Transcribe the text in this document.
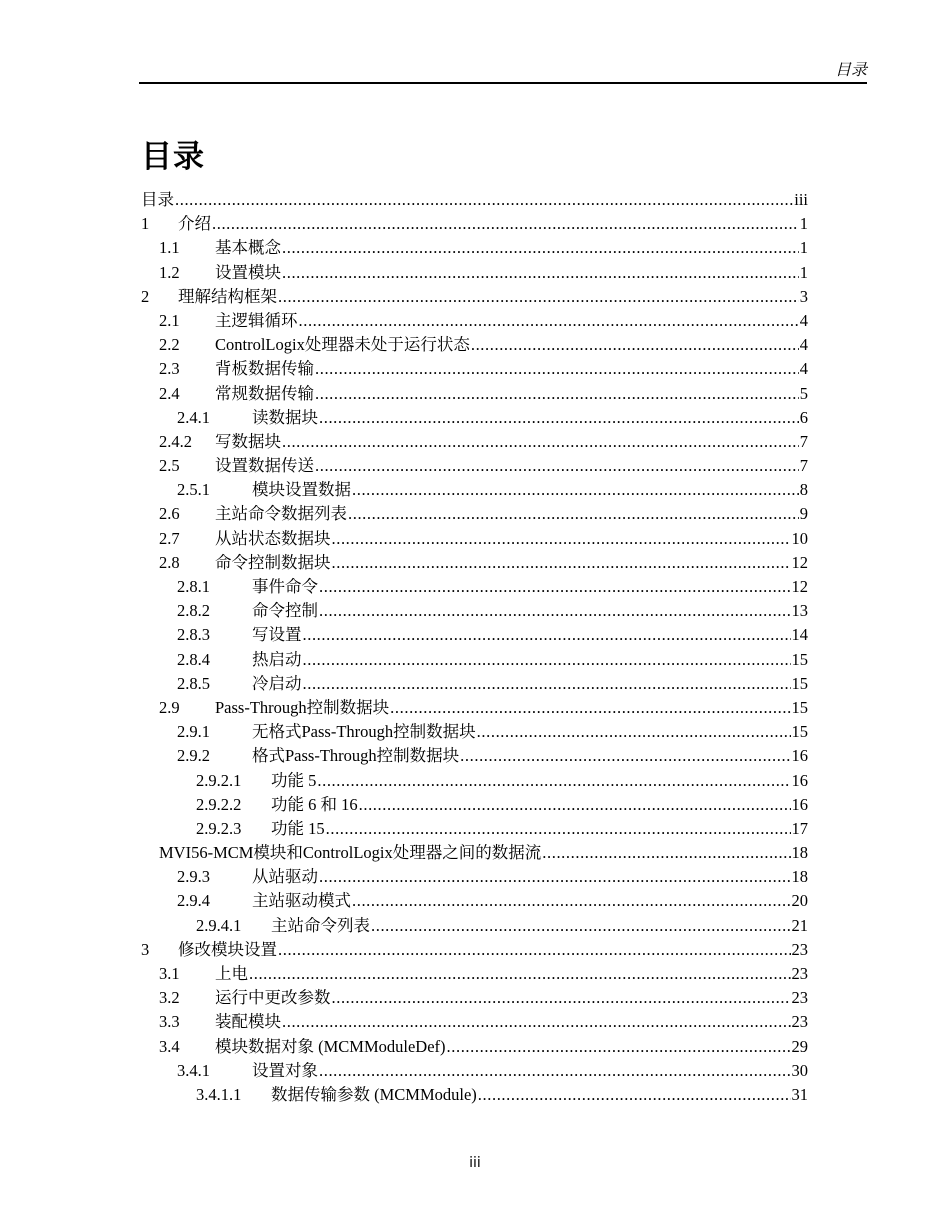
目录
目录
目录 .....	iii
1	介绍 .....	1
1.1	基本概念 .....	1
1.2	设置模块 .....	1
2	理解结构框架 .....	3
2.1	主逻辑循环 .....	4
2.2	ControlLogix处理器未处于运行状态 .....	4
2.3	背板数据传输 .....	4
2.4	常规数据传输 .....	5
2.4.1	读数据块 .....	6
2.4.2	写数据块 .....	7
2.5	设置数据传送 .....	7
2.5.1	模块设置数据 .....	8
2.6	主站命令数据列表 .....	9
2.7	从站状态数据块 .....	10
2.8	命令控制数据块 .....	12
2.8.1	事件命令 .....	12
2.8.2	命令控制 .....	13
2.8.3	写设置 .....	14
2.8.4	热启动 .....	15
2.8.5	冷启动 .....	15
2.9	Pass-Through控制数据块 .....	15
2.9.1	无格式Pass-Through控制数据块 .....	15
2.9.2	格式Pass-Through控制数据块 .....	16
2.9.2.1	功能 5 .....	16
2.9.2.2	功能 6 和 16 .....	16
2.9.2.3	功能 15 .....	17
MVI56-MCM模块和ControlLogix处理器之间的数据流 .....	18
2.9.3	从站驱动 .....	18
2.9.4	主站驱动模式 .....	20
2.9.4.1	主站命令列表 .....	21
3	修改模块设置 .....	23
3.1	上电 .....	23
3.2	运行中更改参数 .....	23
3.3	装配模块 .....	23
3.4	模块数据对象 (MCMModuleDef) .....	29
3.4.1	设置对象 .....	30
3.4.1.1	数据传输参数 (MCMModule) .....	31
iii
